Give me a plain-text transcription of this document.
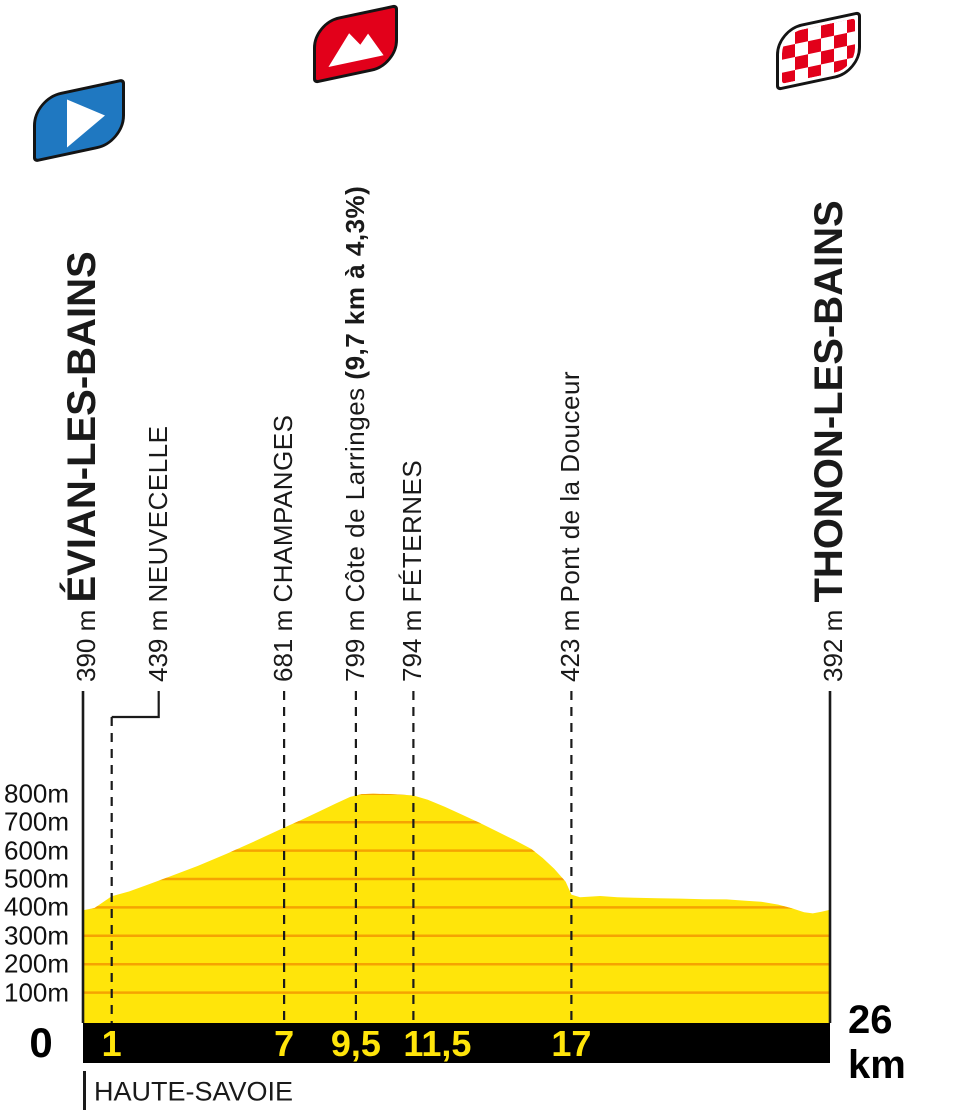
800m
700m
600m
500m
400m
300m
200m
100m
390 m ÉVIAN-LES-BAINS
439 m NEUVECELLE
681 m CHAMPANGES
799 m Côte de Larringes (9,7 km à 4,3%)
794 m FÉTERNES
423 m Pont de la Douceur
392 m THONON-LES-BAINS
1	7 9,5 11,5 17
0	26 km
HAUTE-SAVOIE
